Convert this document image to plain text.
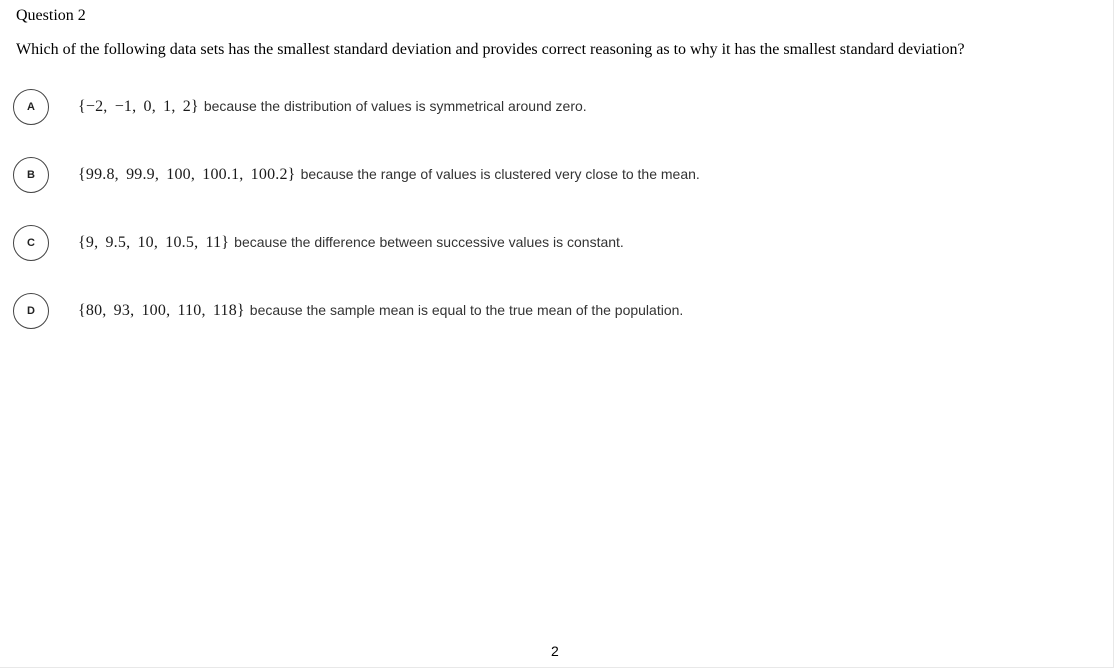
Question 2
Which of the following data sets has the smallest standard deviation and provides correct reasoning as to why it has the smallest standard deviation?
A	{−2, −1, 0, 1, 2} because the distribution of values is symmetrical around zero.
B	{99.8, 99.9, 100, 100.1, 100.2} because the range of values is clustered very close to the mean.
C	{9, 9.5, 10, 10.5, 11} because the difference between successive values is constant.
D	{80, 93, 100, 110, 118} because the sample mean is equal to the true mean of the population.
2
